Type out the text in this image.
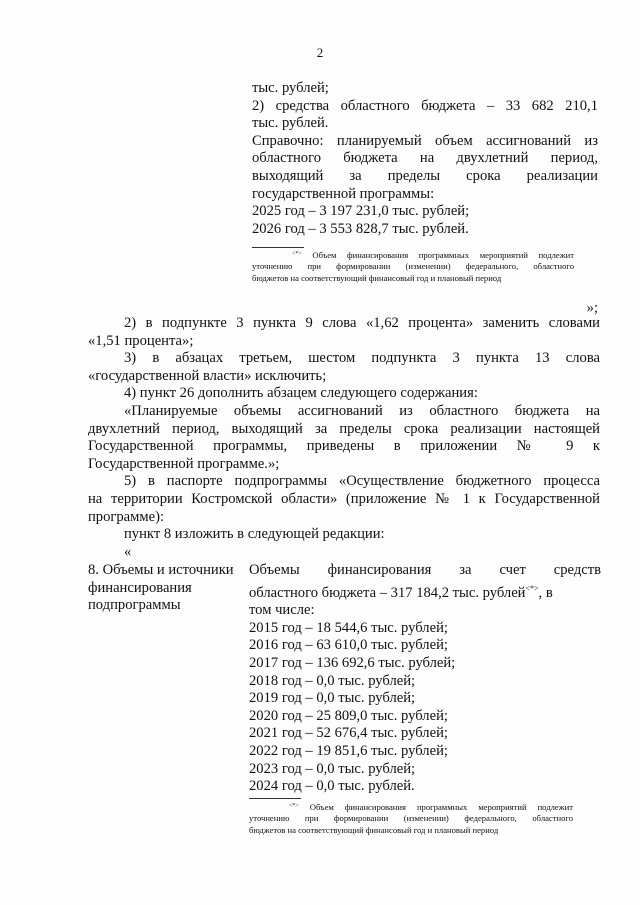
2
тыс. рублей;
2) средства областного бюджета – 33 682 210,1
тыс. рублей.
Справочно: планируемый объем ассигнований из
областного бюджета на двухлетний период,
выходящий за пределы срока реализации
государственной программы:
2025 год – 3 197 231,0 тыс. рублей;
2026 год – 3 553 828,7 тыс. рублей.
<*> Объем финансирования программных мероприятий подлежит
уточнению при формировании (изменении) федерального, областного
бюджетов на соответствующий финансовый год и плановый период
»;
2) в подпункте 3 пункта 9 слова «1,62 процента» заменить словами
«1,51 процента»;
3) в абзацах третьем, шестом подпункта 3 пункта 13 слова
«государственной власти» исключить;
4) пункт 26 дополнить абзацем следующего содержания:
«Планируемые объемы ассигнований из областного бюджета на
двухлетний период, выходящий за пределы срока реализации настоящей
Государственной программы, приведены в приложении № 9 к
Государственной программе.»;
5) в паспорте подпрограммы «Осуществление бюджетного процесса
на территории Костромской области» (приложение № 1 к Государственной
программе):
пункт 8 изложить в следующей редакции:
«
8. Объемы и источники
финансирования
подпрограммы
Объемы финансирования за счет средств
областного бюджета – 317 184,2 тыс. рублей<*>, в
том числе:
2015 год – 18 544,6 тыс. рублей;
2016 год – 63 610,0 тыс. рублей;
2017 год – 136 692,6 тыс. рублей;
2018 год – 0,0 тыс. рублей;
2019 год – 0,0 тыс. рублей;
2020 год – 25 809,0 тыс. рублей;
2021 год – 52 676,4 тыс. рублей;
2022 год – 19 851,6 тыс. рублей;
2023 год – 0,0 тыс. рублей;
2024 год – 0,0 тыс. рублей.
<*> Объем финансирования программных мероприятий подлежит
уточнению при формировании (изменении) федерального, областного
бюджетов на соответствующий финансовый год и плановый период
